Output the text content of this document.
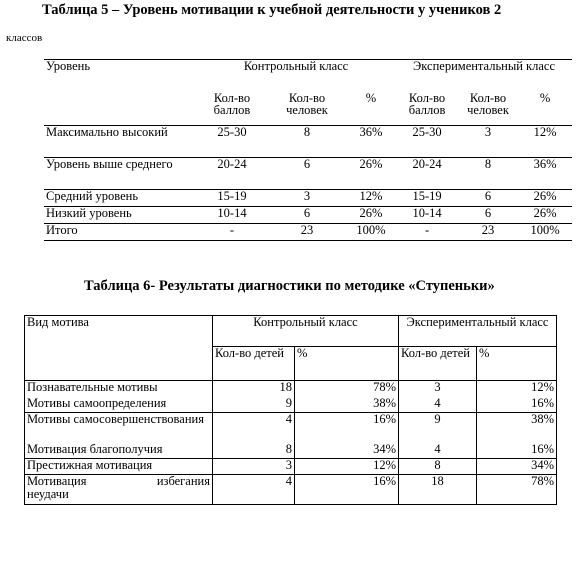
Таблица 5 – Уровень мотивации к учебной деятельности у учеников 2
классов
Уровень	Контрольный класс			Экспериментальный класс		
	Кол-во баллов	Кол-во человек	%	Кол-во баллов	Кол-во человек	%
Максимально высокий	25-30	8	36%	25-30	3	12%
Уровень выше среднего	20-24	6	26%	20-24	8	36%
Средний уровень	15-19	3	12%	15-19	6	26%
Низкий уровень	10-14	6	26%	10-14	6	26%
Итого	-	23	100%	-	23	100%
Таблица 6- Результаты диагностики по методике «Ступеньки»
Вид мотива	Контрольный класс		Экспериментальный класс	
	Кол-во детей	%	Кол-во детей	%
Познавательные мотивы	18	78%	3	12%
Мотивы самоопределения	9	38%	4	16%
Мотивы самосовершенствования	4	16%	9	38%
Мотивация благополучия	8	34%	4	16%
Престижная мотивация	3	12%	8	34%

Мотивация избегания
неудачи	4	16%	18	78%
